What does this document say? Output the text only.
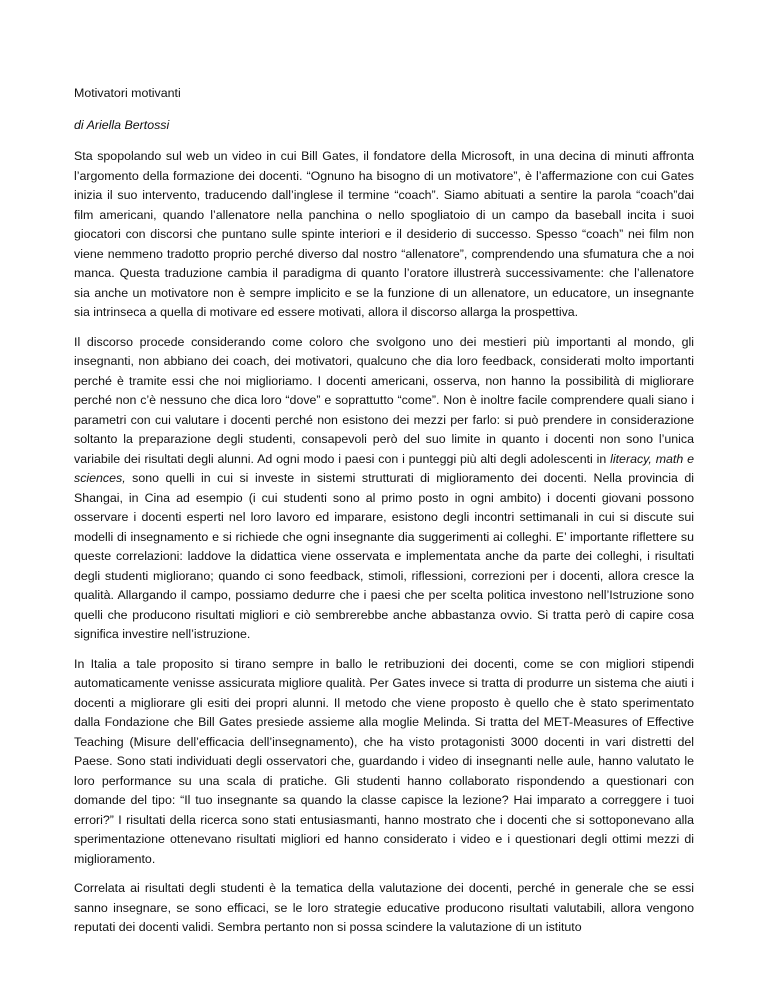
Motivatori motivanti

di Ariella Bertossi

Sta spopolando sul web un video in cui Bill Gates, il fondatore della Microsoft, in una decina di minuti affronta l’argomento della formazione dei docenti. “Ognuno ha bisogno di un motivatore”, è l’affermazione con cui Gates inizia il suo intervento, traducendo dall’inglese il termine “coach”. Siamo abituati a sentire la parola “coach”dai film americani, quando l’allenatore nella panchina o nello spogliatoio di un campo da baseball incita i suoi giocatori con discorsi che puntano sulle spinte interiori e il desiderio di successo. Spesso “coach” nei film non viene nemmeno tradotto proprio perché diverso dal nostro “allenatore”, comprendendo una sfumatura che a noi manca. Questa traduzione cambia il paradigma di quanto l’oratore illustrerà successivamente: che l’allenatore sia anche un motivatore non è sempre implicito e se la funzione di un allenatore, un educatore, un insegnante sia intrinseca a quella di motivare ed essere motivati, allora il discorso allarga la prospettiva.

Il discorso procede considerando come coloro che svolgono uno dei mestieri più importanti al mondo, gli insegnanti, non abbiano dei coach, dei motivatori, qualcuno che dia loro feedback, considerati molto importanti perché è tramite essi che noi miglioriamo. I docenti americani, osserva, non hanno la possibilità di migliorare perché non c’è nessuno che dica loro “dove” e soprattutto “come”. Non è inoltre facile comprendere quali siano i parametri con cui valutare i docenti perché non esistono dei mezzi per farlo: si può prendere in considerazione soltanto la preparazione degli studenti, consapevoli però del suo limite in quanto i docenti non sono l’unica variabile dei risultati degli alunni. Ad ogni modo i paesi con i punteggi più alti degli adolescenti in literacy, math e sciences, sono quelli in cui si investe in sistemi strutturati di miglioramento dei docenti. Nella provincia di Shangai, in Cina ad esempio (i cui studenti sono al primo posto in ogni ambito) i docenti giovani possono osservare i docenti esperti nel loro lavoro ed imparare, esistono degli incontri settimanali in cui si discute sui modelli di insegnamento e si richiede che ogni insegnante dia suggerimenti ai colleghi. E’ importante riflettere su queste correlazioni: laddove la didattica viene osservata e implementata anche da parte dei colleghi, i risultati degli studenti migliorano; quando ci sono feedback, stimoli, riflessioni, correzioni per i docenti, allora cresce la qualità. Allargando il campo, possiamo dedurre che i paesi che per scelta politica investono nell’Istruzione sono quelli che producono risultati migliori e ciò sembrerebbe anche abbastanza ovvio. Si tratta però di capire cosa significa investire nell’istruzione.

In Italia a tale proposito si tirano sempre in ballo le retribuzioni dei docenti, come se con migliori stipendi automaticamente venisse assicurata migliore qualità. Per Gates invece si tratta di produrre un sistema che aiuti i docenti a migliorare gli esiti dei propri alunni. Il metodo che viene proposto è quello che è stato sperimentato dalla Fondazione che Bill Gates presiede assieme alla moglie Melinda. Si tratta del MET-Measures of Effective Teaching (Misure dell’efficacia dell’insegnamento), che ha visto protagonisti 3000 docenti in vari distretti del Paese. Sono stati individuati degli osservatori che, guardando i video di insegnanti nelle aule, hanno valutato le loro performance su una scala di pratiche. Gli studenti hanno collaborato rispondendo a questionari con domande del tipo: “Il tuo insegnante sa quando la classe capisce la lezione? Hai imparato a correggere i tuoi errori?” I risultati della ricerca sono stati entusiasmanti, hanno mostrato che i docenti che si sottoponevano alla sperimentazione ottenevano risultati migliori ed hanno considerato i video e i questionari degli ottimi mezzi di miglioramento.

Correlata ai risultati degli studenti è la tematica della valutazione dei docenti, perché in generale che se essi sanno insegnare, se sono efficaci, se le loro strategie educative producono risultati valutabili, allora vengono reputati dei docenti validi. Sembra pertanto non si possa scindere la valutazione di un istituto
